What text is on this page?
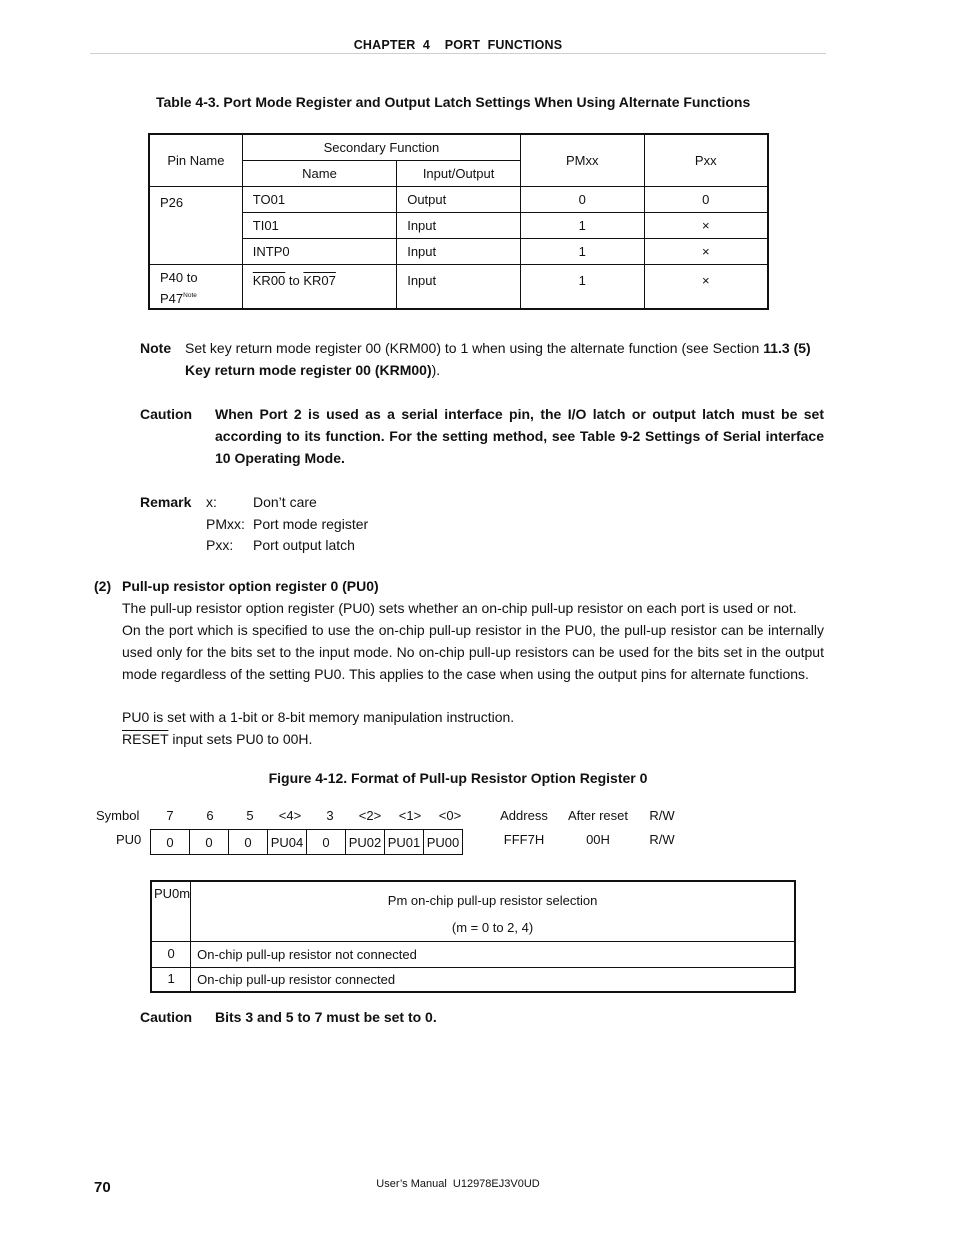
CHAPTER  4    PORT  FUNCTIONS
Table 4-3. Port Mode Register and Output Latch Settings When Using Alternate Functions
Pin Name	Secondary Function		PMxx	Pxx
	Name	Input/Output		
P26	TO01	Output	0	0
	TI01	Input	1	×
	INTP0	Input	1	×
P40 to
P47$^{Note}$	KR00 to KR07	Input	1	×
Note Set key return mode register 00 (KRM00) to 1 when using the alternate function (see Section 11.3 (5) Key return mode register 00 (KRM00)).
Caution When Port 2 is used as a serial interface pin, the I/O latch or output latch must be set according to its function. For the setting method, see Table 9-2 Settings of Serial interface 10 Operating Mode.
Remark x:	Don’t care
PMxx: Port mode register
Pxx: Port output latch
(2) Pull-up resistor option register 0 (PU0)
The pull-up resistor option register (PU0) sets whether an on-chip pull-up resistor on each port is used or not.
On the port which is specified to use the on-chip pull-up resistor in the PU0, the pull-up resistor can be internally used only for the bits set to the input mode. No on-chip pull-up resistors can be used for the bits set in the output mode regardless of the setting PU0. This applies to the case when using the output pins for alternate functions.
PU0 is set with a 1-bit or 8-bit memory manipulation instruction.
RESET input sets PU0 to 00H.
Figure 4-12. Format of Pull-up Resistor Option Register 0
Symbol	7	6	5	<4>	3	<2>	<1>	<0>	Address	After reset	R/W
PU0 0	0	0	PU04	0	PU02	PU01	PU00	FFF7H	00H	R/W
PU0m	Pm on-chip pull-up resistor selection
(m = 0 to 2, 4)

0	On-chip pull-up resistor not connected
1	On-chip pull-up resistor connected
Caution Bits 3 and 5 to 7 must be set to 0.
70	User’s Manual  U12978EJ3V0UD
